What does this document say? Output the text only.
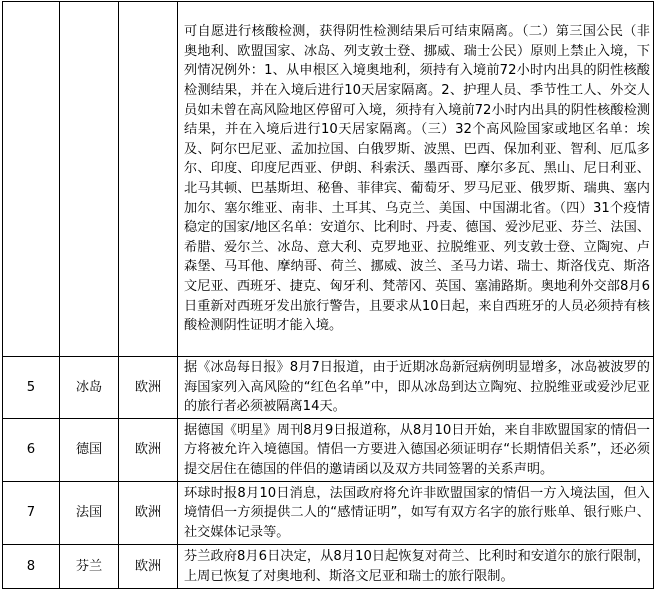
			可自愿进行核酸检测，获得阴性检测结果后可结束隔离。（二）第三国公民（非奥地利、欧盟国家、冰岛、列支敦士登、挪威、瑞士公民）原则上禁止入境，下列情况例外：1、从申根区入境奥地利，须持有入境前72小时内出具的阴性核酸检测结果，并在入境后进行10天居家隔离。2、护理人员、季节性工人、外交人员如未曾在高风险地区停留可入境，须持有入境前72小时内出具的阴性核酸检测结果，并在入境后进行10天居家隔离。（三）32个高风险国家或地区名单：埃及、阿尔巴尼亚、孟加拉国、白俄罗斯、波黑、巴西、保加利亚、智利、厄瓜多尔、印度、印度尼西亚、伊朗、科索沃、墨西哥、摩尔多瓦、黑山、尼日利亚、北马其顿、巴基斯坦、秘鲁、菲律宾、葡萄牙、罗马尼亚、俄罗斯、瑞典、塞内加尔、塞尔维亚、南非、土耳其、乌克兰、美国、中国湖北省。（四）31个疫情稳定的国家/地区名单：安道尔、比利时、丹麦、德国、爱沙尼亚、芬兰、法国、希腊、爱尔兰、冰岛、意大利、克罗地亚、拉脱维亚、列支敦士登、立陶宛、卢森堡、马耳他、摩纳哥、荷兰、挪威、波兰、圣马力诺、瑞士、斯洛伐克、斯洛文尼亚、西班牙、捷克、匈牙利、梵蒂冈、英国、塞浦路斯。奥地利外交部8月6日重新对西班牙发出旅行警告，且要求从10日起，来自西班牙的人员必须持有核酸检测阴性证明才能入境。
5	冰岛	欧洲	据《冰岛每日报》8月7日报道，由于近期冰岛新冠病例明显增多，冰岛被波罗的海国家列入高风险的“红色名单”中，即从冰岛到达立陶宛、拉脱维亚或爱沙尼亚的旅行者必须被隔离14天。
6	德国	欧洲	据德国《明星》周刊8月9日报道称，从8月10日开始，来自非欧盟国家的情侣一方将被允许入境德国。情侣一方要进入德国必须证明存“长期情侣关系”，还必须提交居住在德国的伴侣的邀请函以及双方共同签署的关系声明。
7	法国	欧洲	环球时报8月10日消息，法国政府将允许非欧盟国家的情侣一方入境法国，但入境情侣一方须提供二人的“感情证明”，如写有双方名字的旅行账单、银行账户、社交媒体记录等。
8	芬兰	欧洲	芬兰政府8月6日决定，从8月10日起恢复对荷兰、比利时和安道尔的旅行限制，上周已恢复了对奥地利、斯洛文尼亚和瑞士的旅行限制。
